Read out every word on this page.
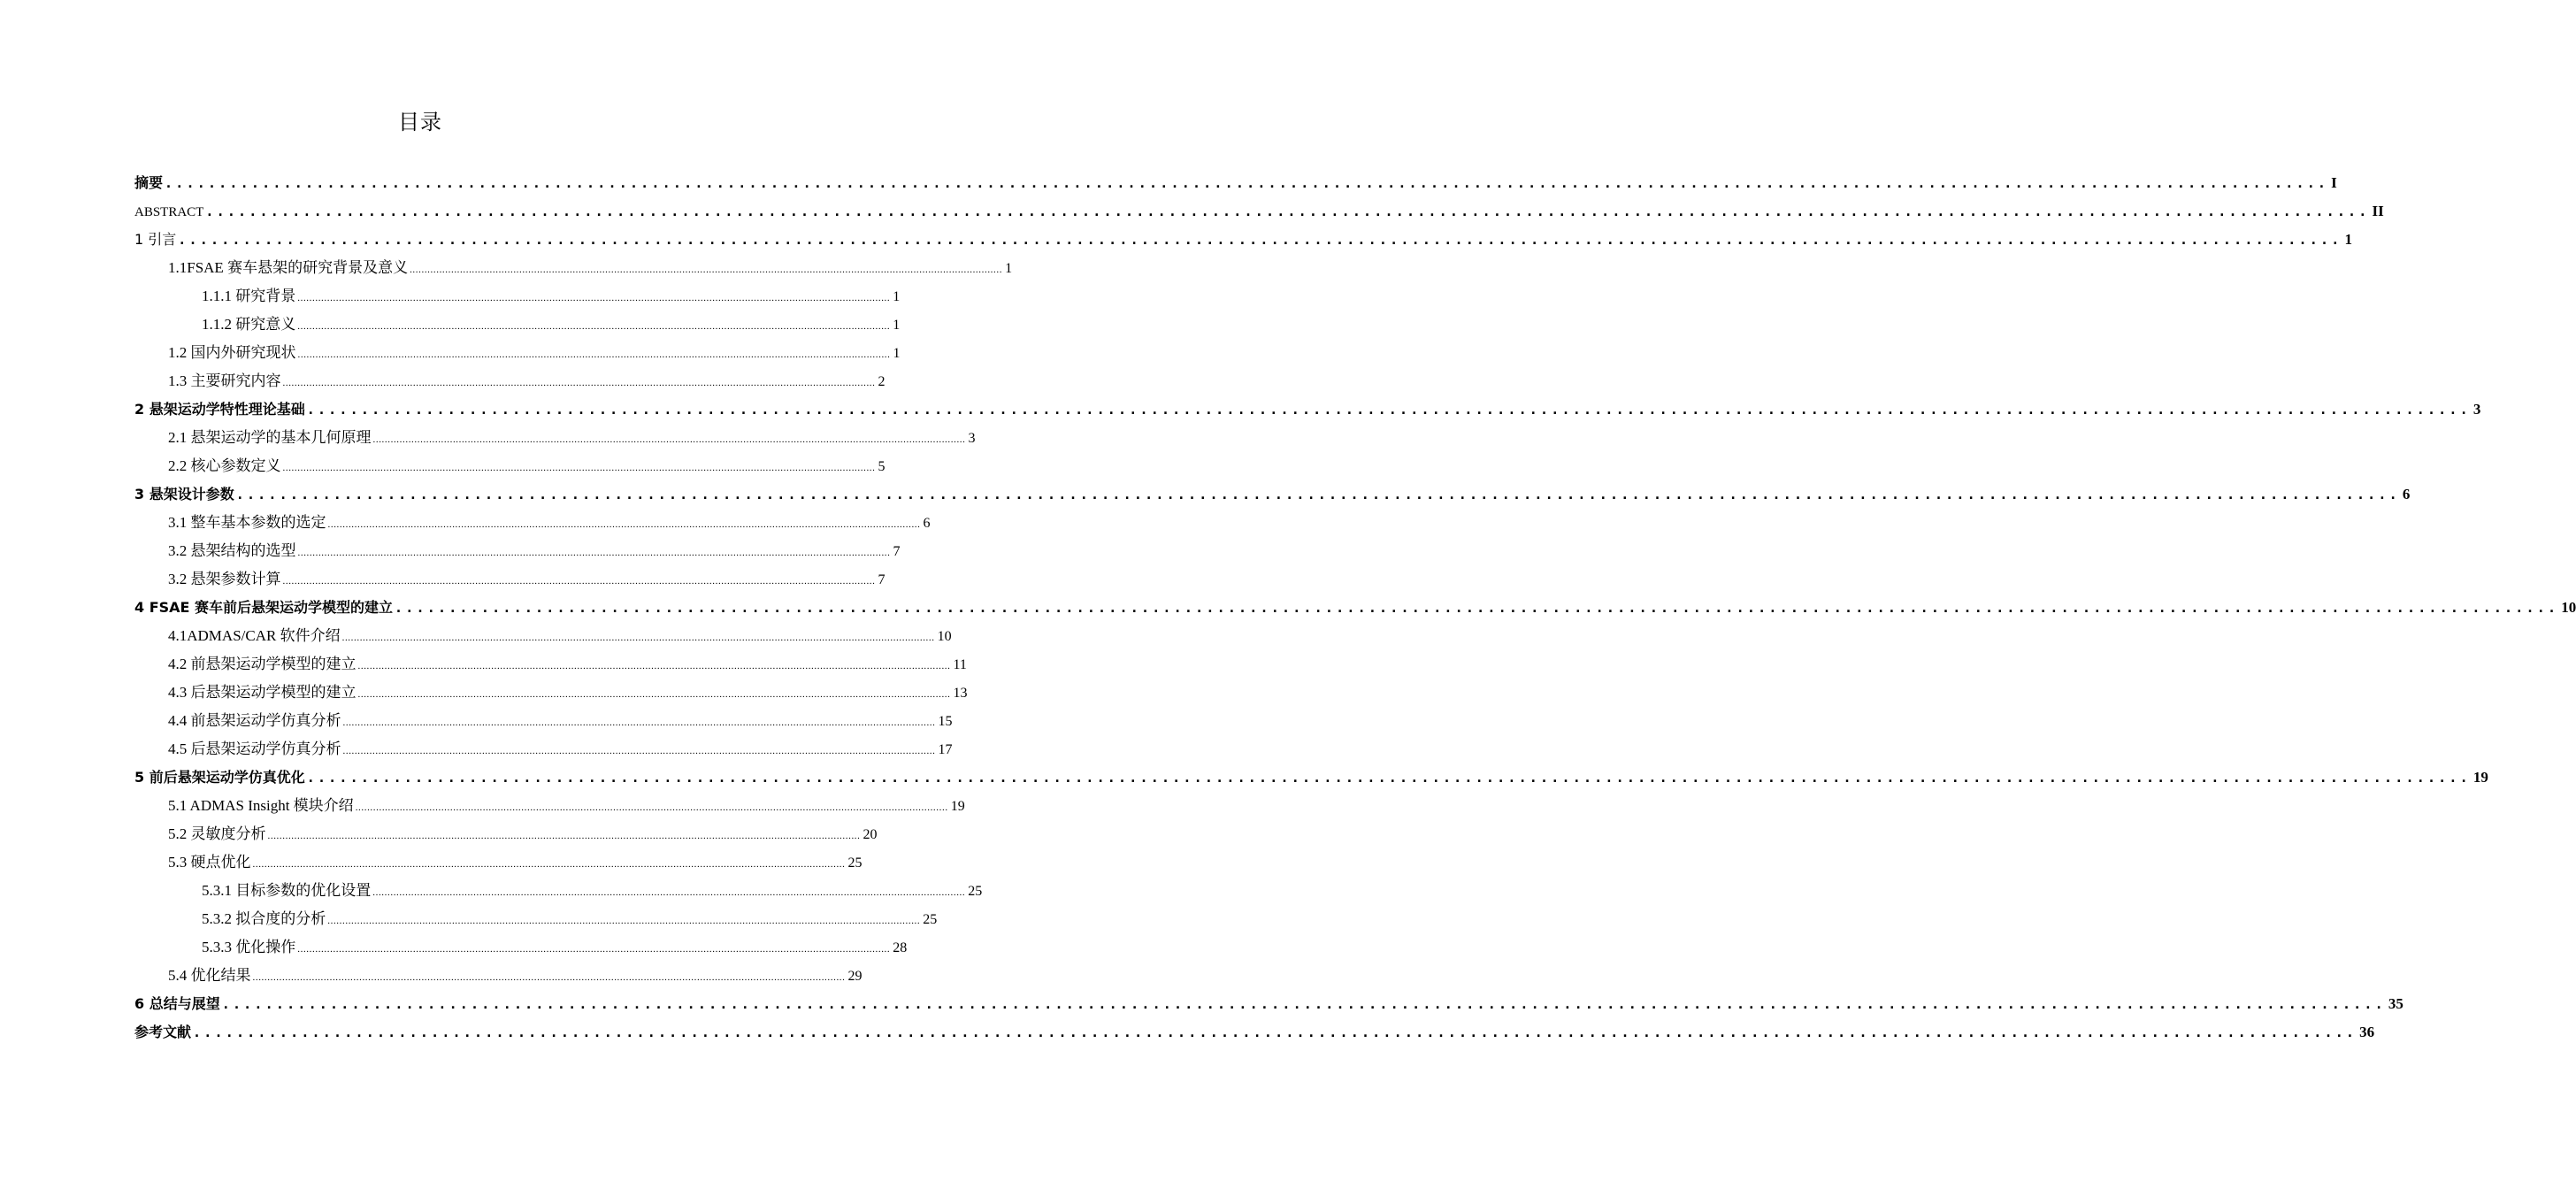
目录
摘要 ........................................................................................................................................................................................................ I
ABSTRACT ........................................................................................................................................................................................................ II
1 引言 ........................................................................................................................................................................................................ 1
1.1FSAE 赛车悬架的研究背景及意义 ........................................................................................................................................................................................................ 1
1.1.1 研究背景 ........................................................................................................................................................................................................ 1
1.1.2 研究意义 ........................................................................................................................................................................................................ 1
1.2 国内外研究现状 ........................................................................................................................................................................................................ 1
1.3 主要研究内容 ........................................................................................................................................................................................................ 2
2 悬架运动学特性理论基础 ........................................................................................................................................................................................................ 3
2.1 悬架运动学的基本几何原理 ........................................................................................................................................................................................................ 3
2.2 核心参数定义 ........................................................................................................................................................................................................ 5
3 悬架设计参数 ........................................................................................................................................................................................................ 6
3.1 整车基本参数的选定 ........................................................................................................................................................................................................ 6
3.2 悬架结构的选型 ........................................................................................................................................................................................................ 7
3.2 悬架参数计算 ........................................................................................................................................................................................................ 7
4 FSAE 赛车前后悬架运动学模型的建立 ........................................................................................................................................................................................................ 10
4.1ADMAS/CAR 软件介绍 ........................................................................................................................................................................................................ 10
4.2 前悬架运动学模型的建立 ........................................................................................................................................................................................................ 11
4.3 后悬架运动学模型的建立 ........................................................................................................................................................................................................ 13
4.4 前悬架运动学仿真分析 ........................................................................................................................................................................................................ 15
4.5 后悬架运动学仿真分析 ........................................................................................................................................................................................................ 17
5 前后悬架运动学仿真优化 ........................................................................................................................................................................................................ 19
5.1 ADMAS Insight 模块介绍 ........................................................................................................................................................................................................ 19
5.2 灵敏度分析 ........................................................................................................................................................................................................ 20
5.3 硬点优化 ........................................................................................................................................................................................................ 25
5.3.1 目标参数的优化设置 ........................................................................................................................................................................................................ 25
5.3.2 拟合度的分析 ........................................................................................................................................................................................................ 25
5.3.3 优化操作 ........................................................................................................................................................................................................ 28
5.4 优化结果 ........................................................................................................................................................................................................ 29
6 总结与展望 ........................................................................................................................................................................................................ 35
参考文献 ........................................................................................................................................................................................................ 36
